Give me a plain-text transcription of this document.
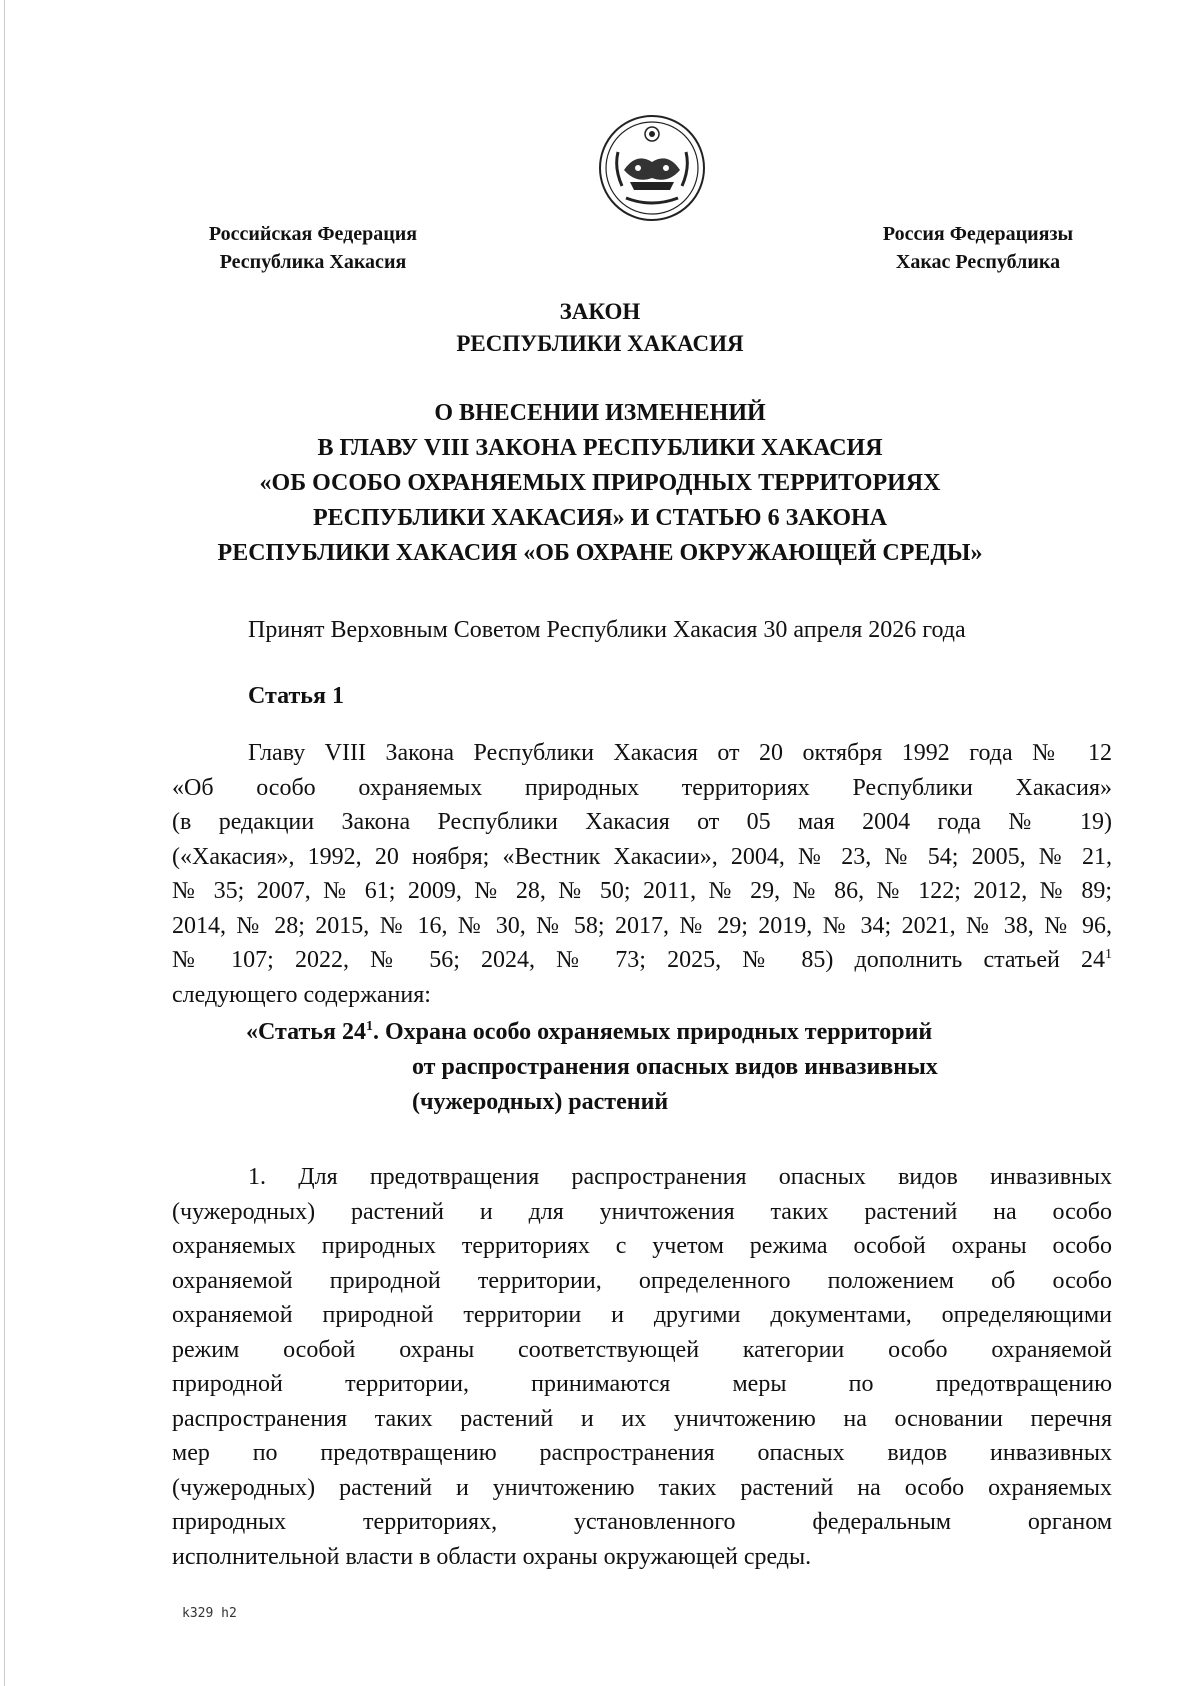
Российская Федерация
Республика Хакасия
Россия Федерациязы
Хакас Республика
ЗАКОН
РЕСПУБЛИКИ ХАКАСИЯ
О ВНЕСЕНИИ ИЗМЕНЕНИЙ
В ГЛАВУ VIII ЗАКОНА РЕСПУБЛИКИ ХАКАСИЯ
«ОБ ОСОБО ОХРАНЯЕМЫХ ПРИРОДНЫХ ТЕРРИТОРИЯХ
РЕСПУБЛИКИ ХАКАСИЯ» И СТАТЬЮ 6 ЗАКОНА
РЕСПУБЛИКИ ХАКАСИЯ «ОБ ОХРАНЕ ОКРУЖАЮЩЕЙ СРЕДЫ»
Принят Верховным Советом Республики Хакасия 30 апреля 2026 года
Статья 1
Главу VIII Закона Республики Хакасия от 20 октября 1992 года № 12
«Об особо охраняемых природных территориях Республики Хакасия»
(в редакции Закона Республики Хакасия от 05 мая 2004 года № 19)
(«Хакасия», 1992, 20 ноября; «Вестник Хакасии», 2004, № 23, № 54; 2005, № 21,
№ 35; 2007, № 61; 2009, № 28, № 50; 2011, № 29, № 86, № 122; 2012, № 89;
2014, № 28; 2015, № 16, № 30, № 58; 2017, № 29; 2019, № 34; 2021, № 38, № 96,
№ 107; 2022, № 56; 2024, № 73; 2025, № 85) дополнить статьей $24^1$
следующего содержания:
«Статья $24^1$. Охрана особо охраняемых природных территорий
от распространения опасных видов инвазивных
(чужеродных) растений
1. Для предотвращения распространения опасных видов инвазивных
(чужеродных) растений и для уничтожения таких растений на особо
охраняемых природных территориях с учетом режима особой охраны особо
охраняемой природной территории, определенного положением об особо
охраняемой природной территории и другими документами, определяющими
режим особой охраны соответствующей категории особо охраняемой
природной территории, принимаются меры по предотвращению
распространения таких растений и их уничтожению на основании перечня
мер по предотвращению распространения опасных видов инвазивных
(чужеродных) растений и уничтожению таких растений на особо охраняемых
природных территориях, установленного федеральным органом
исполнительной власти в области охраны окружающей среды.
k329 h2
